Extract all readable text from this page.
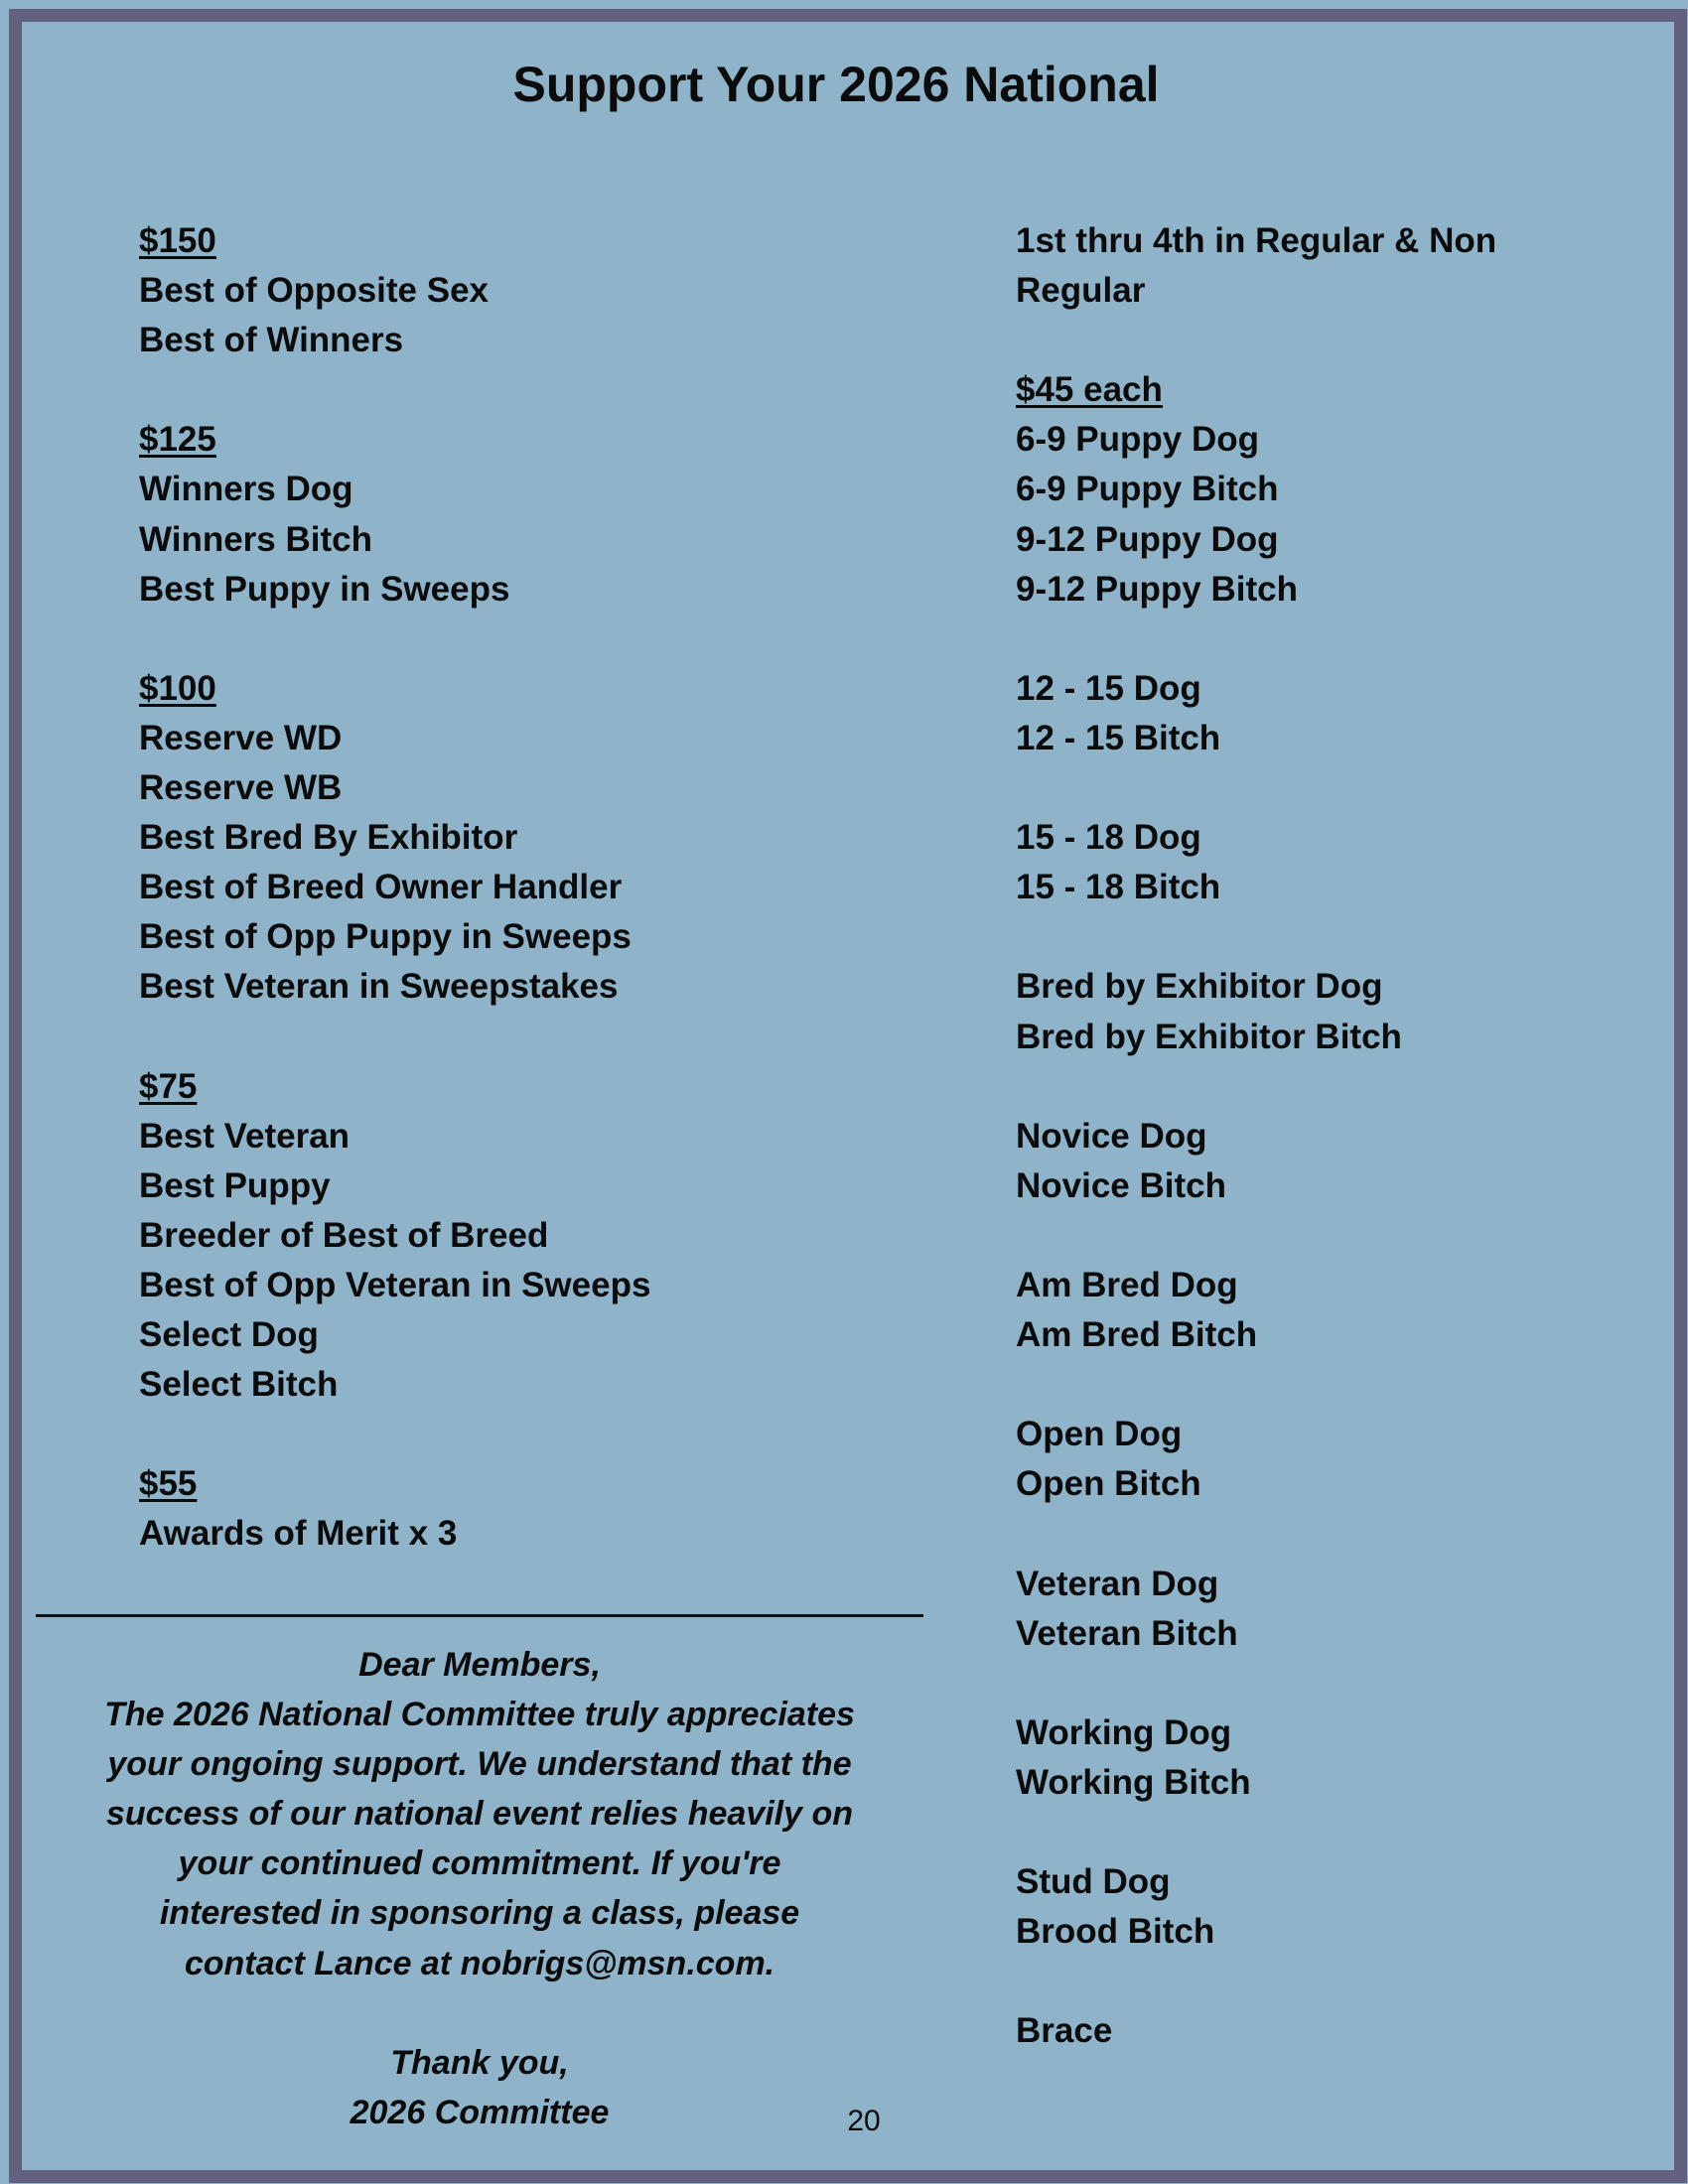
Support Your 2026 National
$150
Best of Opposite Sex
Best of Winners
$125
Winners Dog
Winners Bitch
Best Puppy in Sweeps
$100
Reserve WD
Reserve WB
Best Bred By Exhibitor
Best of Breed Owner Handler
Best of Opp Puppy in Sweeps
Best Veteran in Sweepstakes
$75
Best Veteran
Best Puppy
Breeder of Best of Breed
Best of Opp Veteran in Sweeps
Select Dog
Select Bitch
$55
Awards of Merit x 3
1st thru 4th in Regular & Non
Regular
$45 each
6-9 Puppy Dog
6-9 Puppy Bitch
9-12 Puppy Dog
9-12 Puppy Bitch
12 - 15 Dog
12 - 15 Bitch
15 - 18 Dog
15 - 18 Bitch
Bred by Exhibitor Dog
Bred by Exhibitor Bitch
Novice Dog
Novice Bitch
Am Bred Dog
Am Bred Bitch
Open Dog
Open Bitch
Veteran Dog
Veteran Bitch
Working Dog
Working Bitch
Stud Dog
Brood Bitch
Brace
Dear Members,
The 2026 National Committee truly appreciates
your ongoing support. We understand that the
success of our national event relies heavily on
your continued commitment. If you're
interested in sponsoring a class, please
contact Lance at nobrigs@msn.com.
Thank you,
2026 Committee	20
